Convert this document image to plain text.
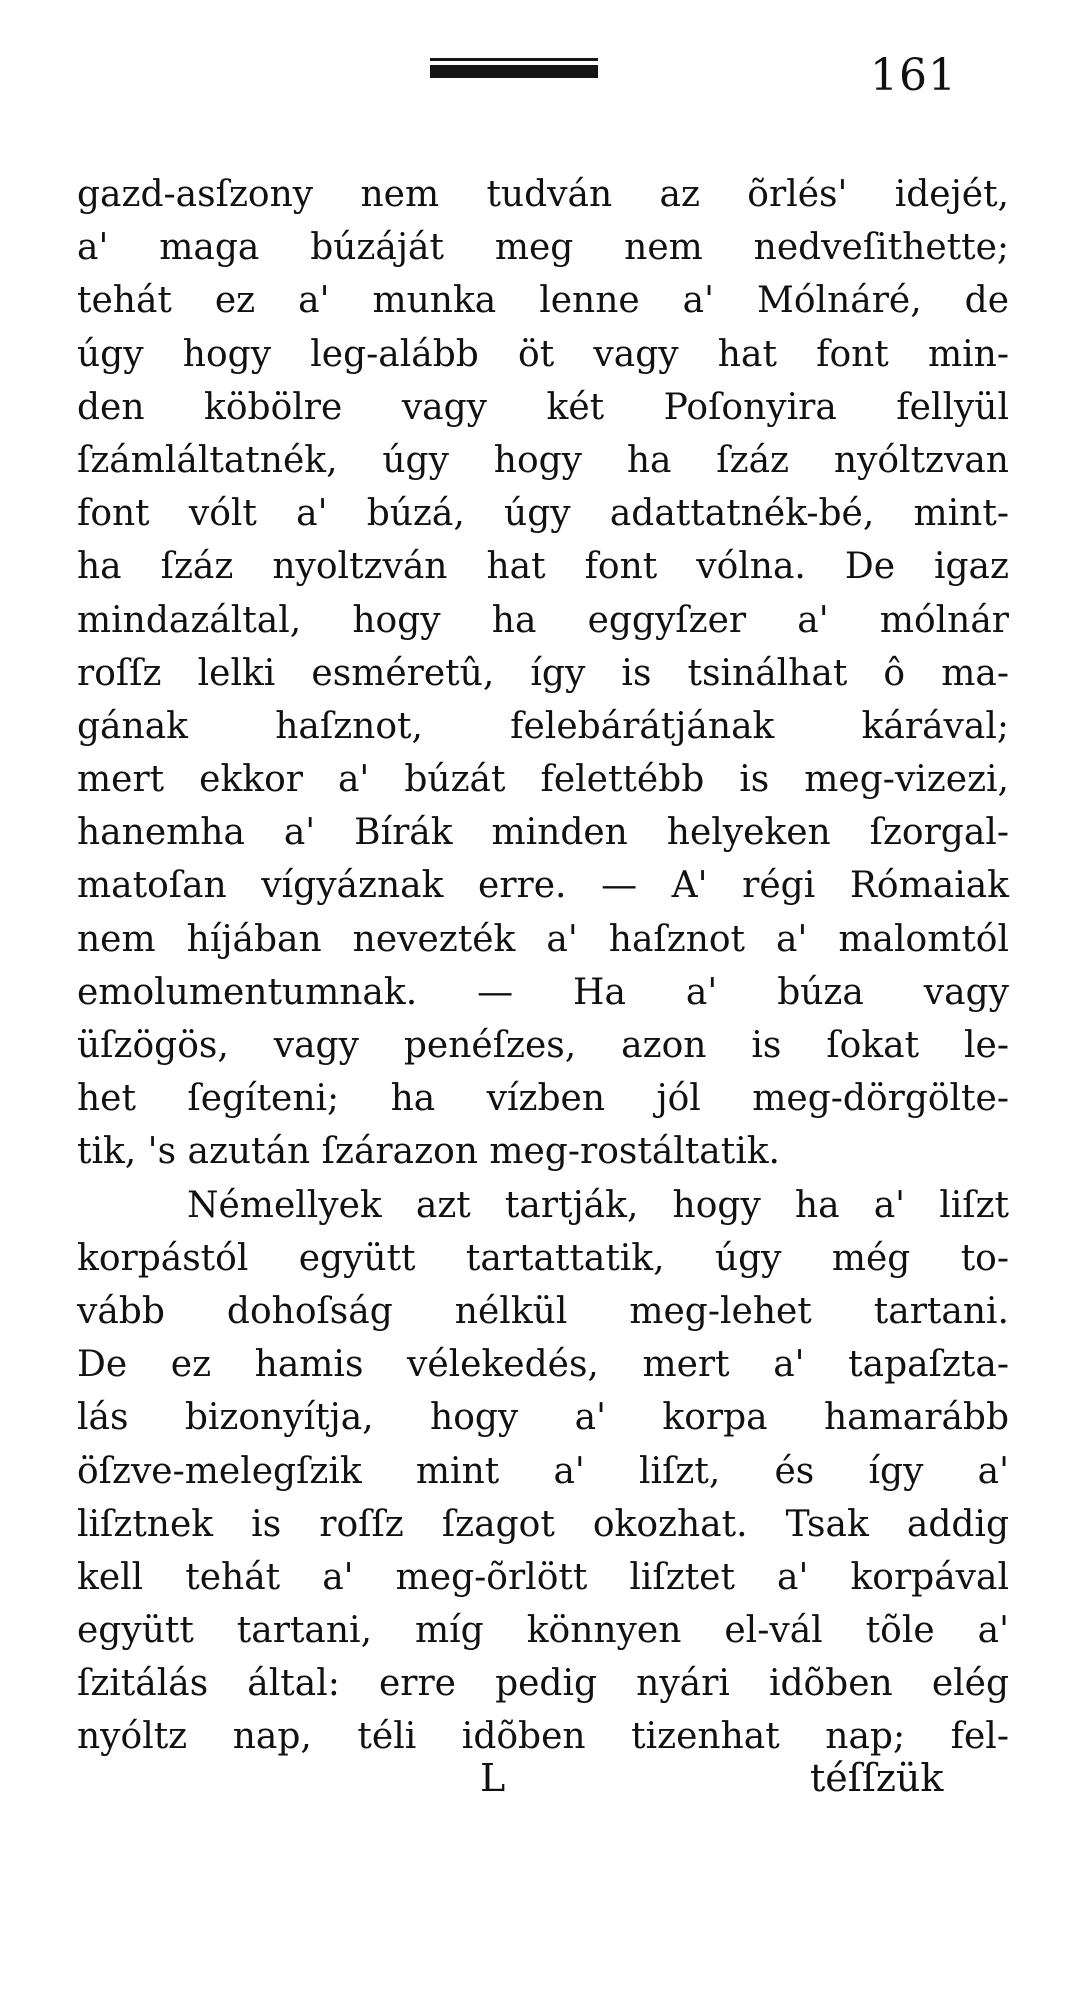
161
gazd-asſzony nem tudván az õrlés' idejét,
a' maga búzáját meg nem nedveſithette;
tehát ez a' munka lenne a' Mólnáré, de
úgy hogy leg-alább öt vagy hat font min-
den köbölre vagy két Poſonyira fellyül
ſzámláltatnék, úgy hogy ha ſzáz nyóltzvan
font vólt a' búzá, úgy adattatnék-bé, mint-
ha ſzáz nyoltzván hat font vólna. De igaz
mindazáltal, hogy ha eggyſzer a' mólnár
roſſz lelki esméretû, így is tsinálhat ô ma-
gának haſznot, felebárátjának kárával;
mert ekkor a' búzát felettébb is meg-vizezi,
hanemha a' Bírák minden helyeken ſzorgal-
matoſan vígyáznak erre. — A' régi Rómaiak
nem híjában nevezték a' haſznot a' malomtól
emolumentumnak. — Ha a' búza vagy
üſzögös, vagy penéſzes, azon is ſokat le-
het ſegíteni; ha vízben jól meg-dörgölte-
tik, 's azután ſzárazon meg-rostáltatik.
Némellyek azt tartják, hogy ha a' liſzt
korpástól együtt tartattatik, úgy még to-
vább dohoſság nélkül meg-lehet tartani.
De ez hamis vélekedés, mert a' tapaſzta-
lás bizonyítja, hogy a' korpa hamarább
öſzve-melegſzik mint a' liſzt, és így a'
liſztnek is roſſz ſzagot okozhat. Tsak addig
kell tehát a' meg-õrlött liſztet a' korpával
együtt tartani, míg könnyen el-vál tõle a'
ſzitálás által: erre pedig nyári idõben elég
nyóltz nap, téli idõben tizenhat nap; fel-
L	téſſzük
